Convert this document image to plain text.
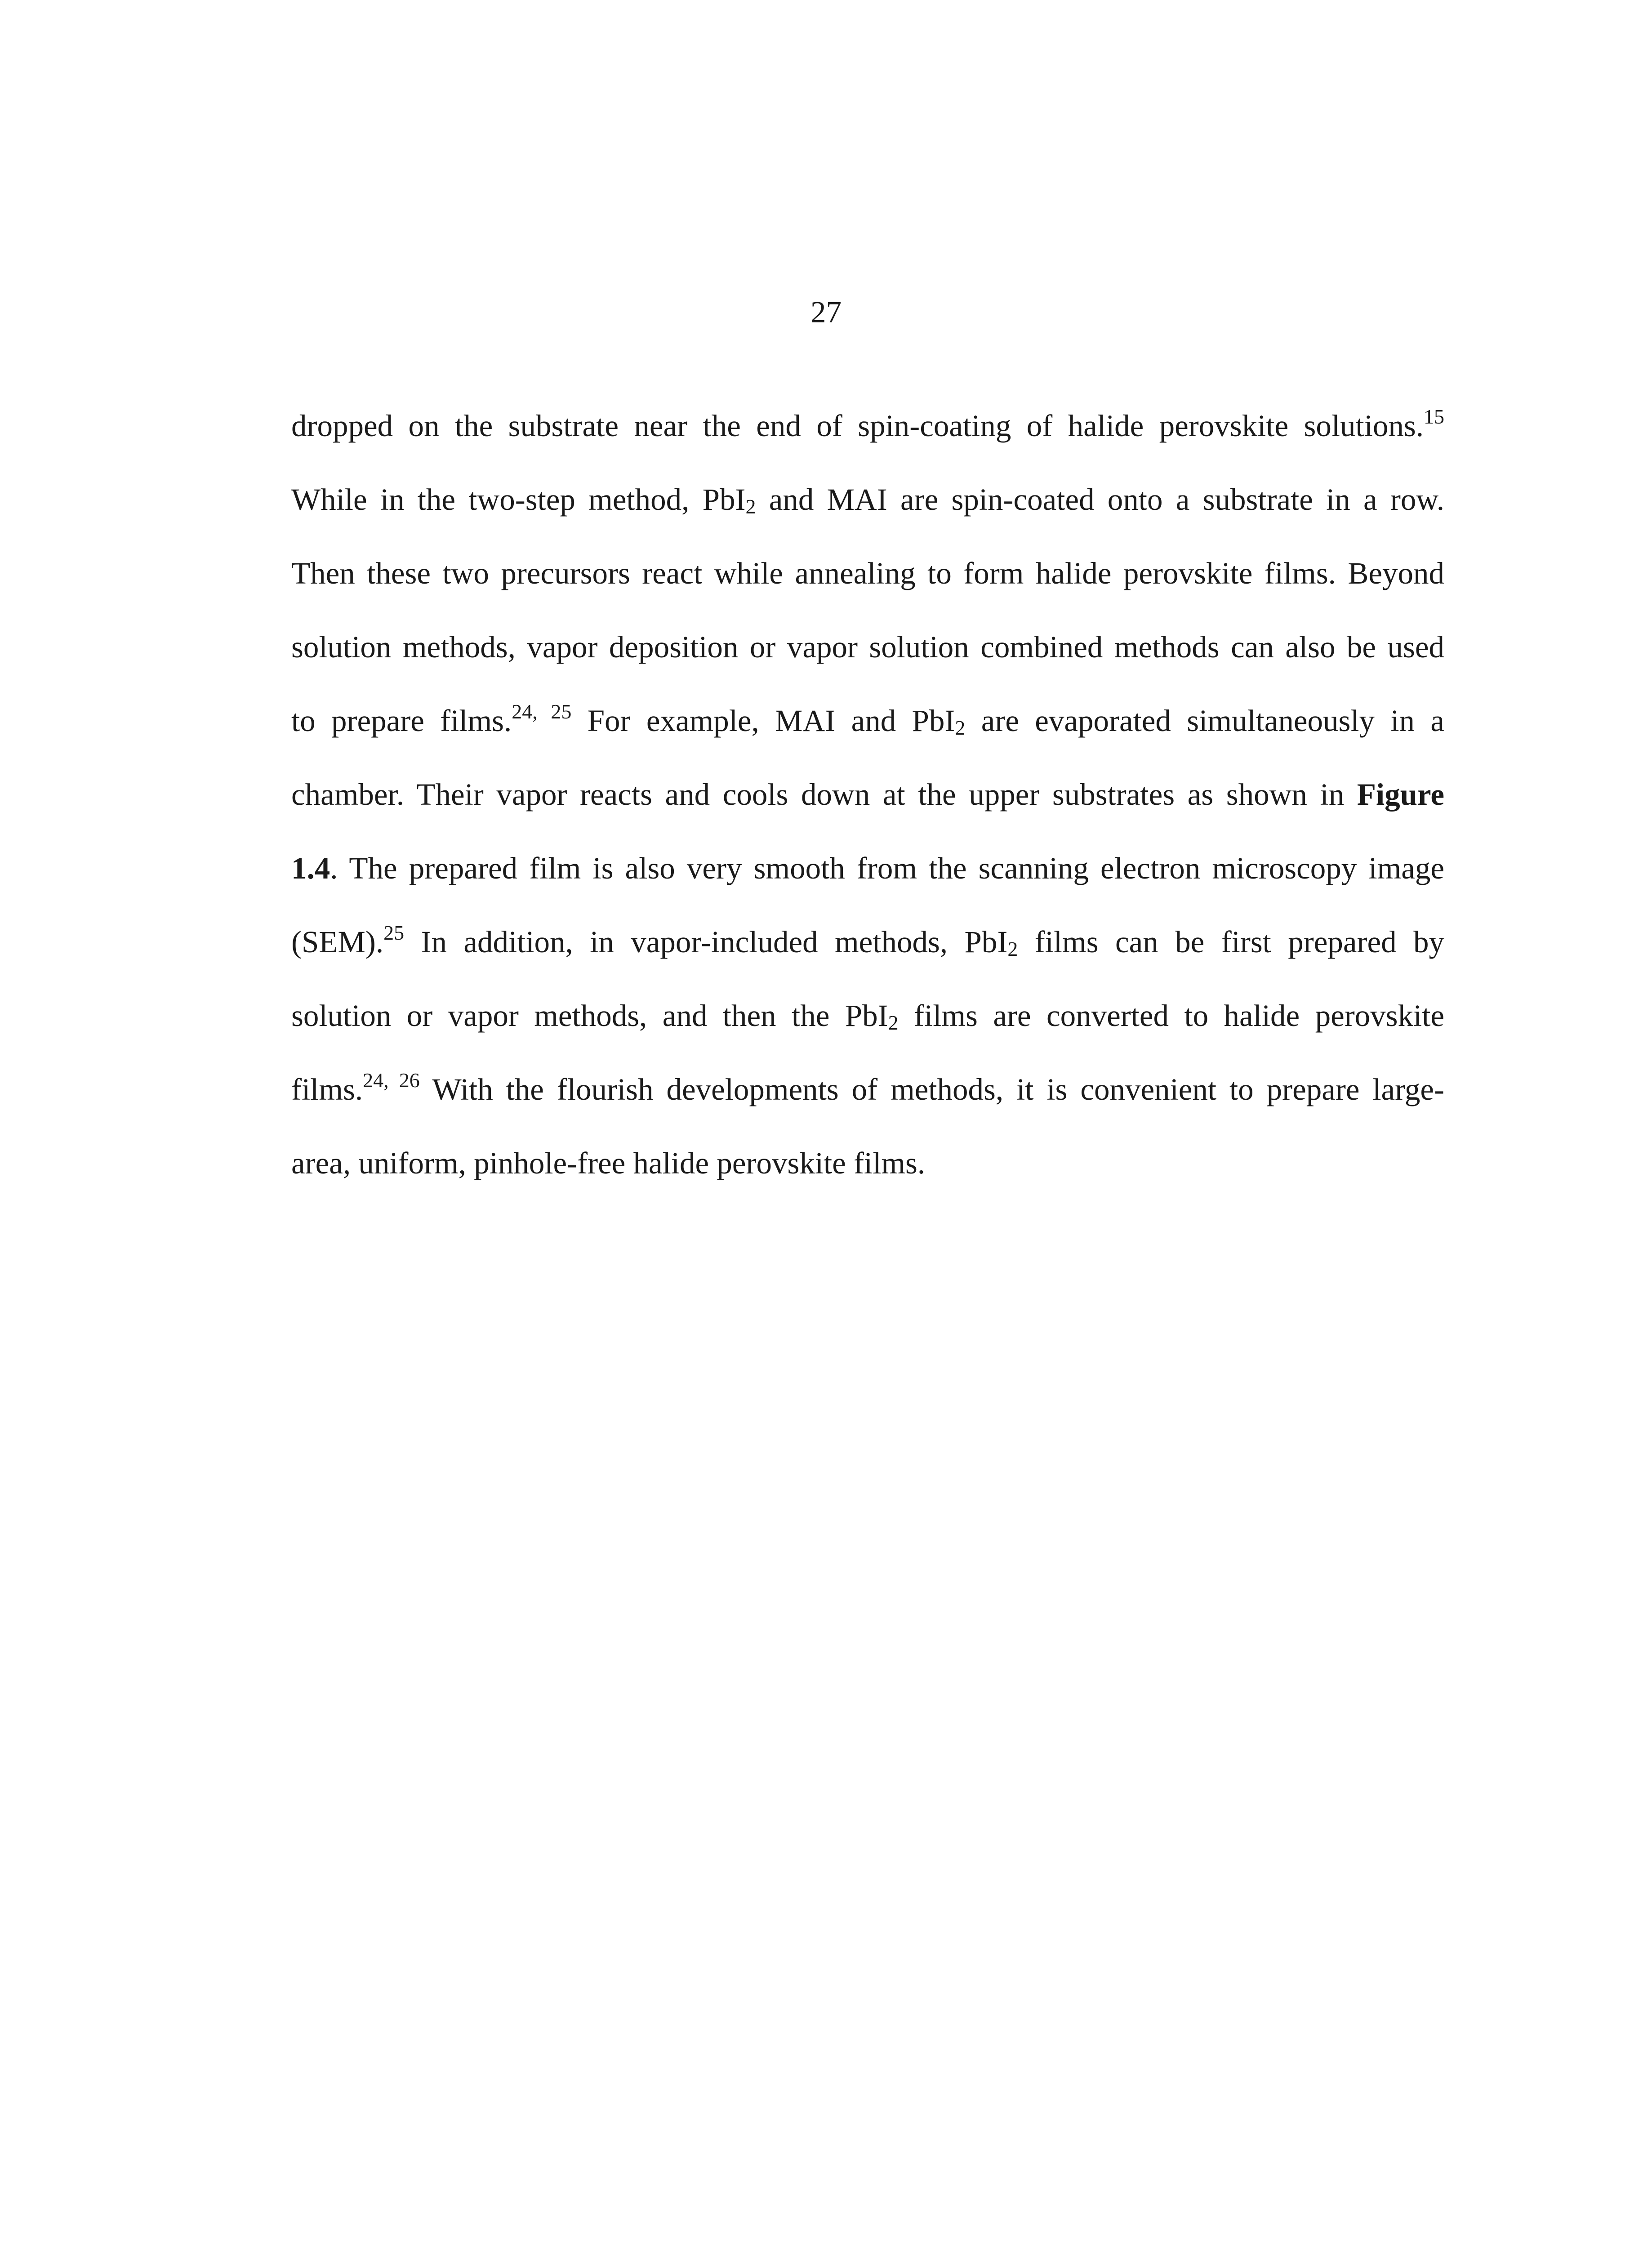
27
dropped on the substrate near the end of spin-coating of halide perovskite solutions.$^{15}$
While in the two-step method, PbI$_2$ and MAI are spin-coated onto a substrate in a row.
Then these two precursors react while annealing to form halide perovskite films. Beyond
solution methods, vapor deposition or vapor solution combined methods can also be used
to prepare films.$^{24, 25}$ For example, MAI and PbI$_2$ are evaporated simultaneously in a
chamber. Their vapor reacts and cools down at the upper substrates as shown in Figure
1.4. The prepared film is also very smooth from the scanning electron microscopy image
(SEM).$^{25}$ In addition, in vapor-included methods, PbI$_2$ films can be first prepared by
solution or vapor methods, and then the PbI$_2$ films are converted to halide perovskite
films.$^{24, 26}$ With the flourish developments of methods, it is convenient to prepare large-
area, uniform, pinhole-free halide perovskite films.
